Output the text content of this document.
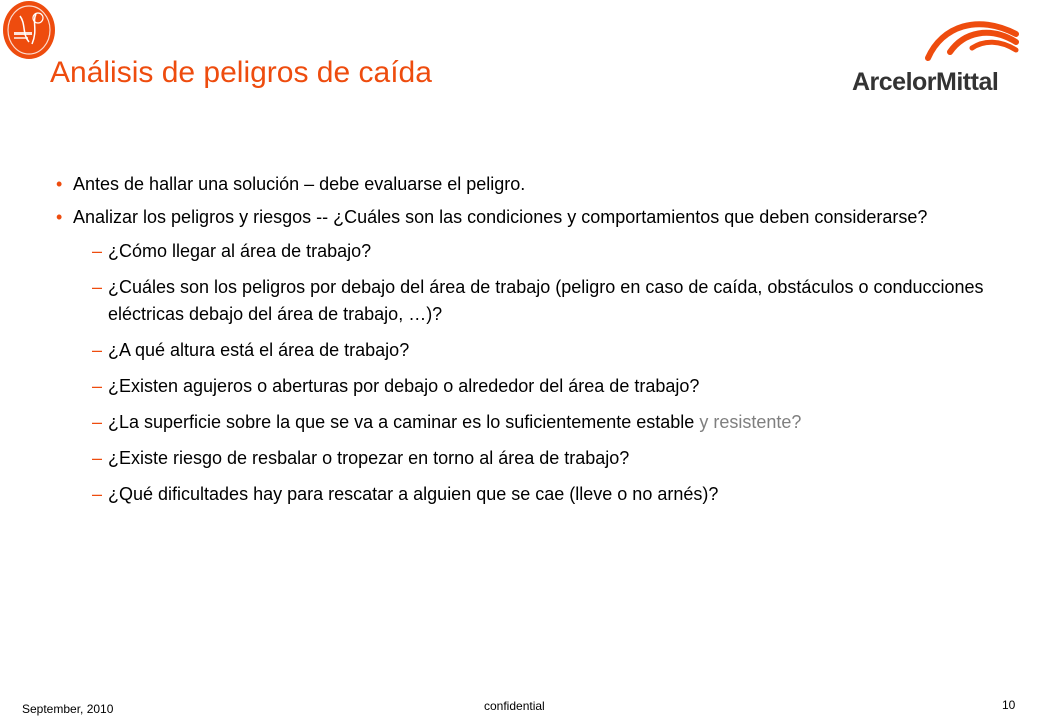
Análisis de peligros de caída	ArcelorMittal
• Antes de hallar una solución – debe evaluarse el peligro.
• Analizar los peligros y riesgos -- ¿Cuáles son las condiciones y comportamientos que deben considerarse?
– ¿Cómo llegar al área de trabajo?
– ¿Cuáles son los peligros por debajo del área de trabajo (peligro en caso de caída, obstáculos o conducciones eléctricas debajo del área de trabajo, …)?
– ¿A qué altura está el área de trabajo?
– ¿Existen agujeros o aberturas por debajo o alrededor del área de trabajo?
– ¿La superficie sobre la que se va a caminar es lo suficientemente estable y resistente?
– ¿Existe riesgo de resbalar o tropezar en torno al área de trabajo?
– ¿Qué dificultades hay para rescatar a alguien que se cae (lleve o no arnés)?
September, 2010	confidential	10
